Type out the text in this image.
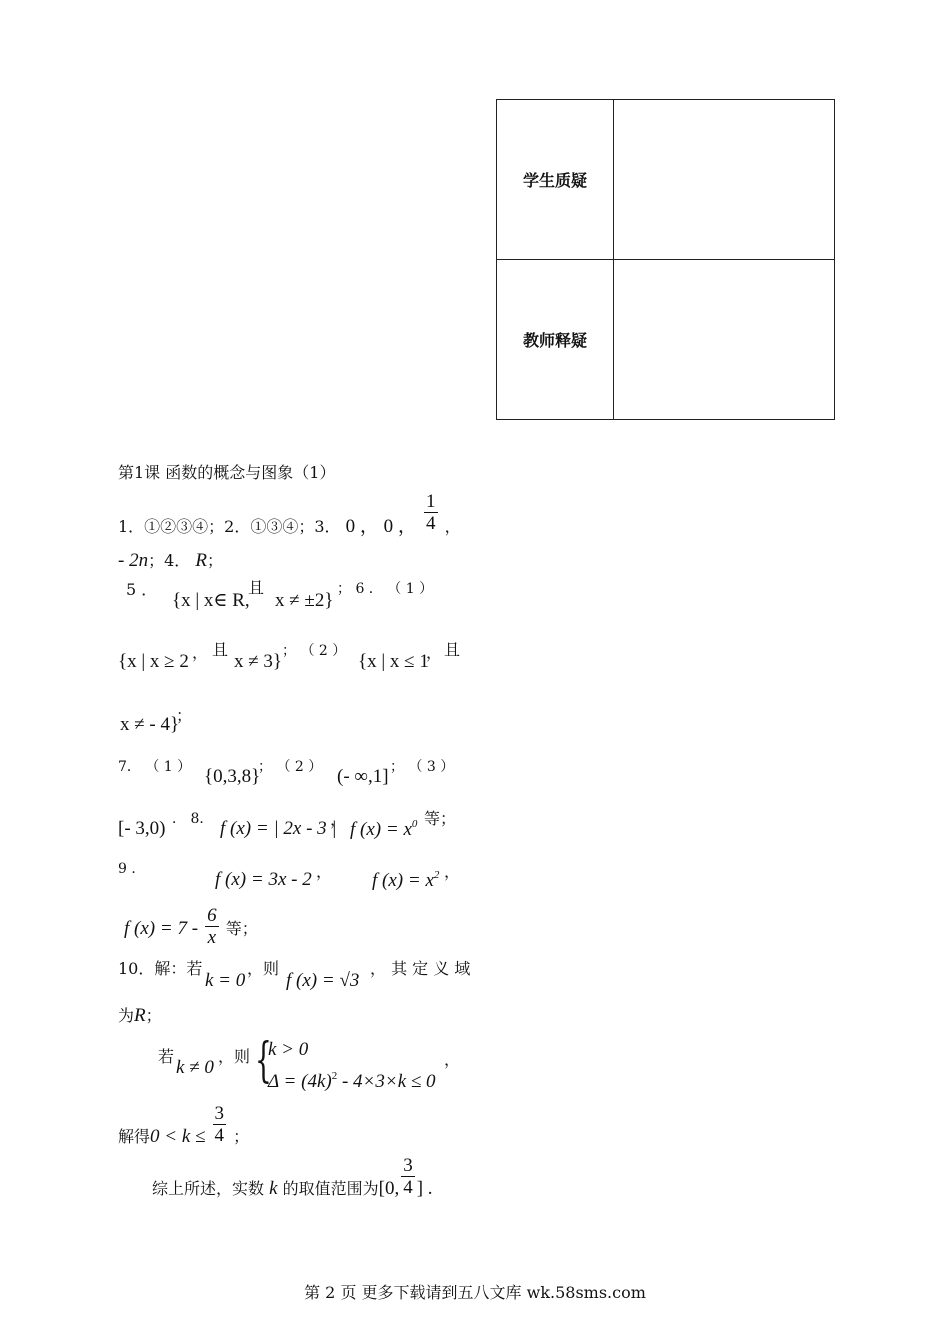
学生质疑	
教师释疑	
第1课 函数的概念与图象（1）
1．①②③④；2．①③④；3． 0 ， 0 ， $\frac{1}{4}$ ，
- 2n；4． R；
5 ．
{x | x∈ R,
且
x ≠ ±2}
； 6 ． （ 1 ）
{x | x ≥ 2 ， 且
x ≠ 3} ； （ 2 ） {x | x ≤ 1
， 且
x ≠ - 4}
；
7． （ 1 ） {0,3,8}
； （ 2 ） (- ∞,1] ； （ 3 ）
[- 3,0) ． 8． f (x) = | 2x - 3 |
， f $(x) = x^0$ 等；
9 ．	f (x) = 3x - 2 ， f $(x) = x^2$ ，
f $(x) = 7 - \frac{6}{x}$ 等；
10．解：若
k = 0
，则
f (x) = √3
， 其 定 义 域
为R；
若
k ≠ 0
，则 {
k > 0
$\Delta = (4k)^2 - 4\times 3\times k \le 0$
，
解得$0 < k \le \frac{3}{4}$ ；
综上所述，实数 k 的取值范围为[0, $\frac{3}{4}$ ] .
第 2 页 更多下载请到五八文库 wk.58sms.com
